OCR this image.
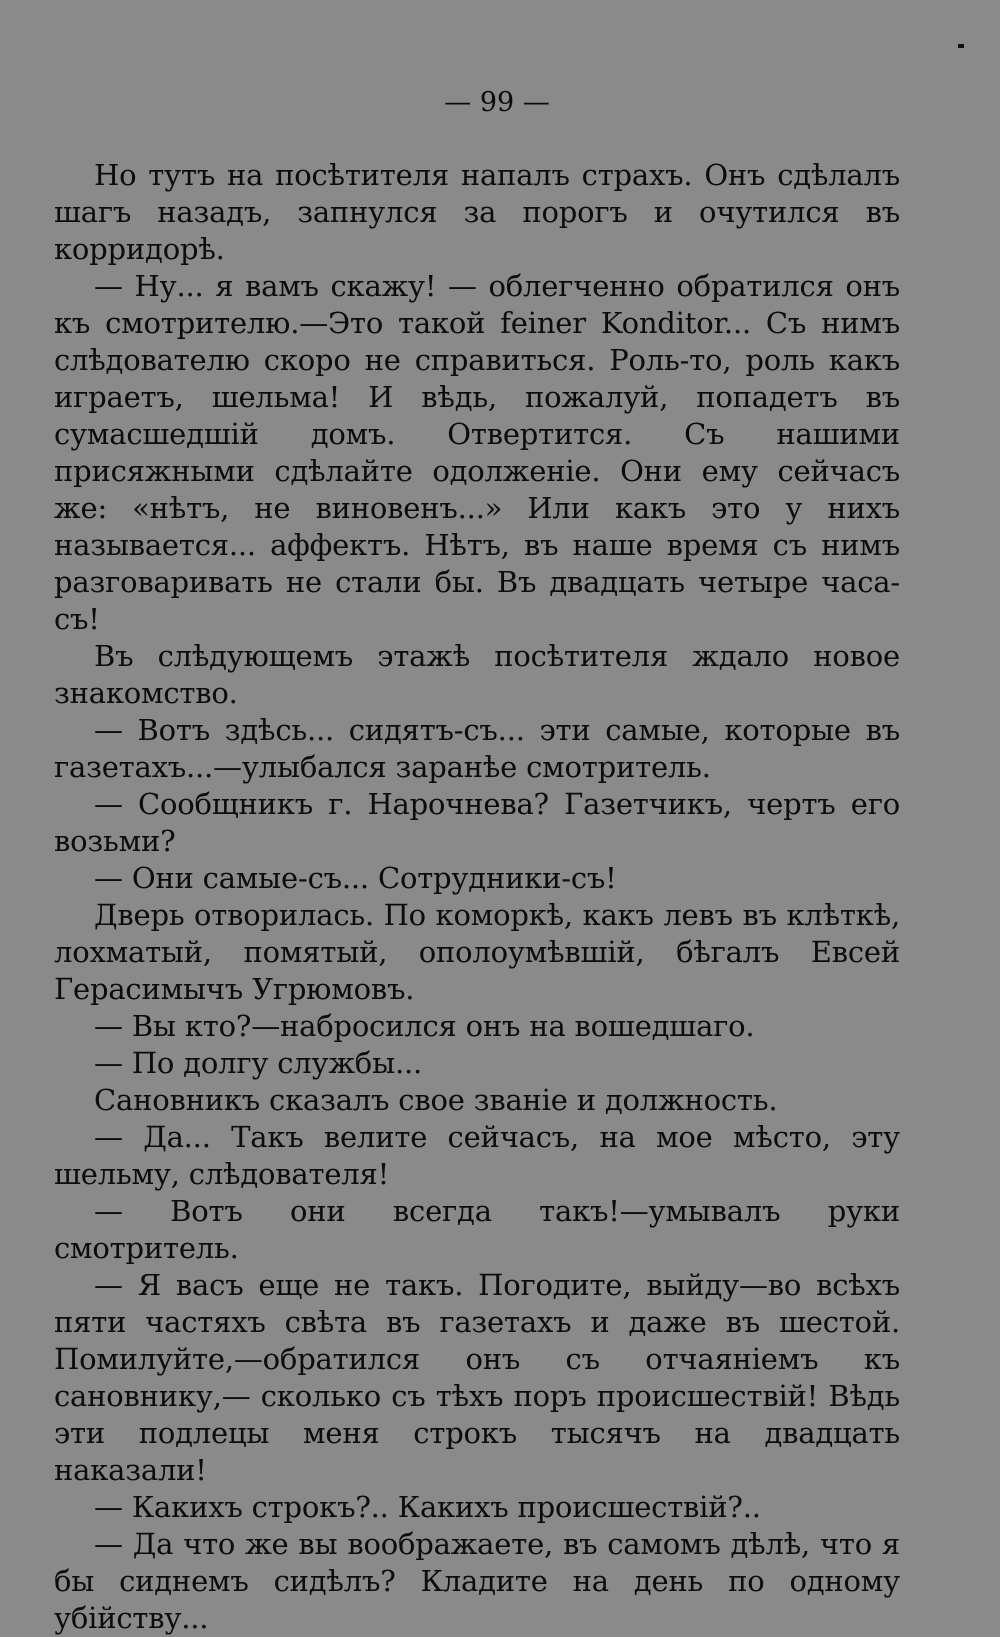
— 99 —
Но тутъ на посѣтителя напалъ страхъ. Онъ сдѣлалъ шагъ назадъ, запнулся за порогъ и очутился въ корридорѣ.
— Ну... я вамъ скажу! — облегченно обратился онъ къ смотрителю.—Это такой feiner Konditor... Съ нимъ слѣдователю скоро не справиться. Роль-то, роль какъ играетъ, шельма! И вѣдь, пожалуй, попадетъ въ сумасшедшій домъ. Отвертится. Съ нашими присяжными сдѣлайте одолженіе. Они ему сейчасъ же: «нѣтъ, не виновенъ...» Или какъ это у нихъ называется... аффектъ. Нѣтъ, въ наше время съ нимъ разговаривать не стали бы. Въ двадцать четыре часа-съ!
Въ слѣдующемъ этажѣ посѣтителя ждало новое знакомство.
— Вотъ здѣсь... сидятъ-съ... эти самые, которые въ газетахъ...—улыбался заранѣе смотритель.
— Сообщникъ г. Нарочнева? Газетчикъ, чертъ его возьми?
— Они самые-съ... Сотрудники-съ!
Дверь отворилась. По коморкѣ, какъ левъ въ клѣткѣ, лохматый, помятый, ополоумѣвшій, бѣгалъ Евсей Герасимычъ Угрюмовъ.
— Вы кто?—набросился онъ на вошедшаго.
— По долгу службы...
Сановникъ сказалъ свое званіе и должность.
— Да... Такъ велите сейчасъ, на мое мѣсто, эту шельму, слѣдователя!
— Вотъ они всегда такъ!—умывалъ руки смотритель.
— Я васъ еще не такъ. Погодите, выйду—во всѣхъ пяти частяхъ свѣта въ газетахъ и даже въ шестой. Помилуйте,—обратился онъ съ отчаяніемъ къ сановнику,— сколько съ тѣхъ поръ происшествій! Вѣдь эти подлецы меня строкъ тысячъ на двадцать наказали!
— Какихъ строкъ?.. Какихъ происшествій?..
— Да что же вы воображаете, въ самомъ дѣлѣ, что я бы сиднемъ сидѣлъ? Кладите на день по одному убійству...
